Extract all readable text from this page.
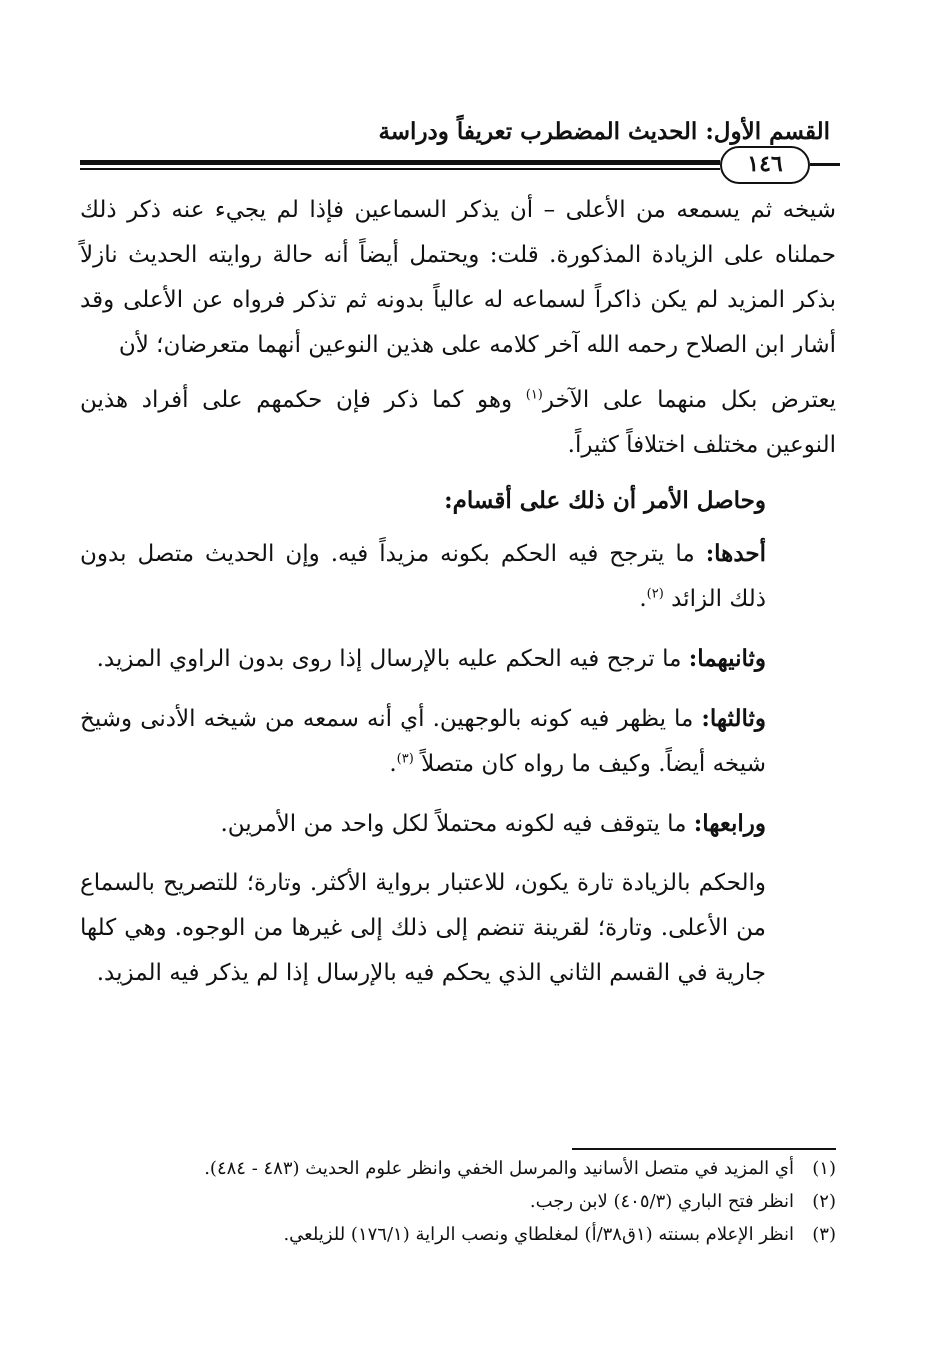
القسم الأول: الحديث المضطرب تعريفاً ودراسة
١٤٦

شيخه ثم يسمعه من الأعلى – أن يذكر السماعين فإذا لم يجيء عنه ذكر ذلك حملناه على الزيادة المذكورة. قلت: ويحتمل أيضاً أنه حالة روايته الحديث نازلاً بذكر المزيد لم يكن ذاكراً لسماعه له عالياً بدونه ثم تذكر فرواه عن الأعلى وقد أشار ابن الصلاح رحمه الله آخر كلامه على هذين النوعين أنهما متعرضان؛ لأن

يعترض بكل منهما على الآخر$^{(١)}$ وهو كما ذكر فإن حكمهم على أفراد هذين النوعين مختلف اختلافاً كثيراً.

وحاصل الأمر أن ذلك على أقسام:

أحدها: ما يترجح فيه الحكم بكونه مزيداً فيه. وإن الحديث متصل بدون ذلك الزائد $^{(٢)}$.

وثانيهما: ما ترجح فيه الحكم عليه بالإرسال إذا روى بدون الراوي المزيد.

وثالثها: ما يظهر فيه كونه بالوجهين. أي أنه سمعه من شيخه الأدنى وشيخ شيخه أيضاً. وكيف ما رواه كان متصلاً $^{(٣)}$.

ورابعها: ما يتوقف فيه لكونه محتملاً لكل واحد من الأمرين.

والحكم بالزيادة تارة يكون، للاعتبار برواية الأكثر. وتارة؛ للتصريح بالسماع من الأعلى. وتارة؛ لقرينة تنضم إلى ذلك إلى غيرها من الوجوه. وهي كلها جارية في القسم الثاني الذي يحكم فيه بالإرسال إذا لم يذكر فيه المزيد.

(١)أي المزيد في متصل الأسانيد والمرسل الخفي وانظر علوم الحديث (٤٨٣ - ٤٨٤).

(٢)انظر فتح الباري (٤٠٥/٣) لابن رجب.

(٣)انظر الإعلام بسنته (١ق٣٨/أ) لمغلطاي ونصب الراية (١٧٦/١) للزيلعي.
